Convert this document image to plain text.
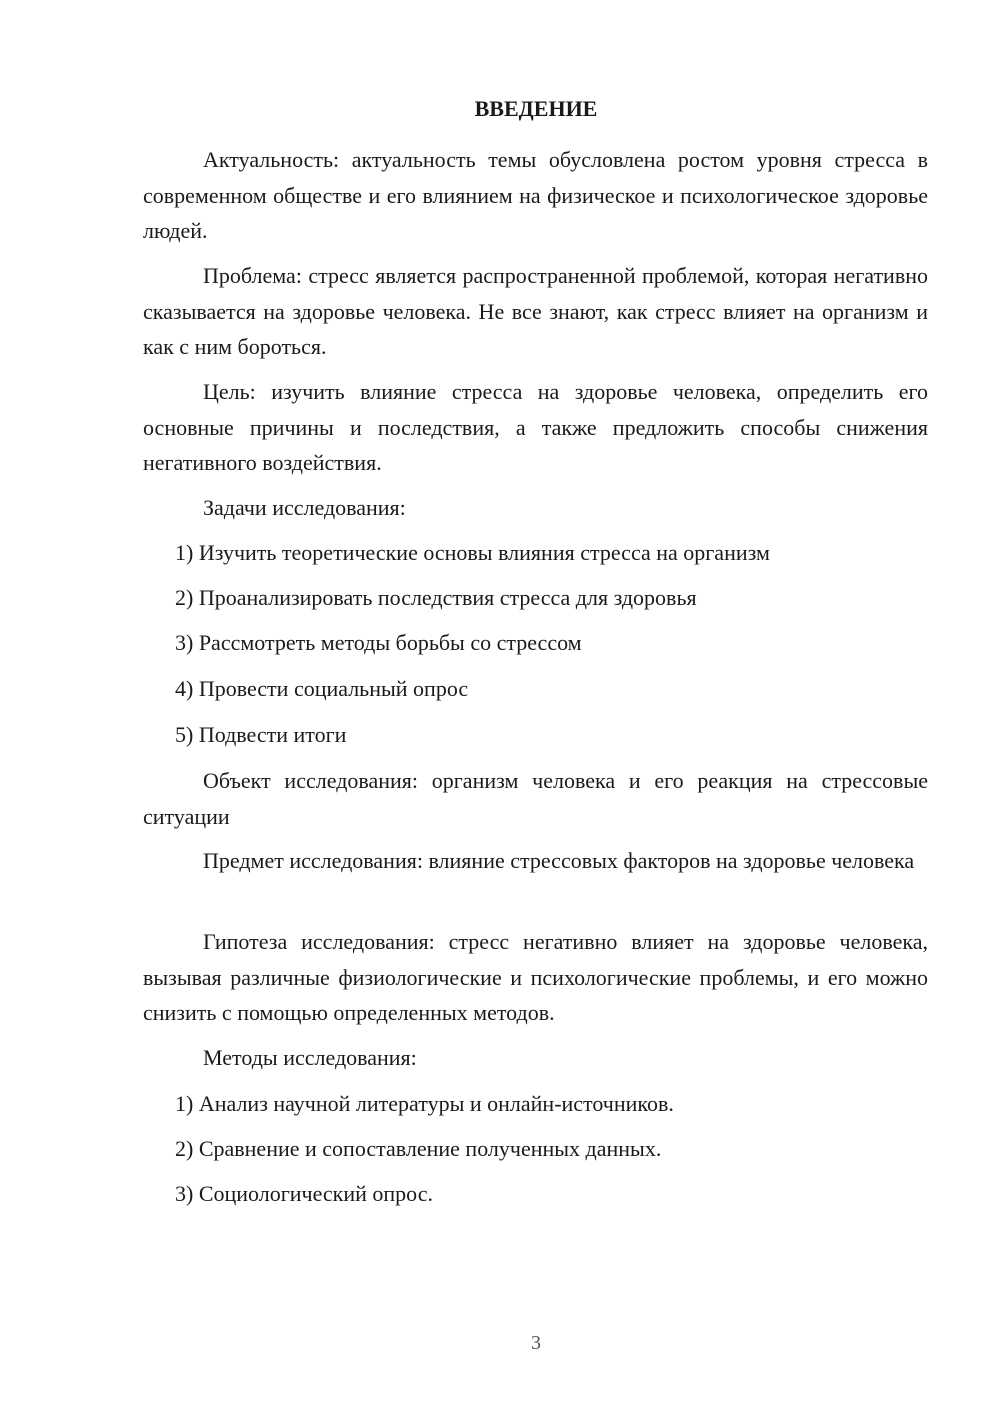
ВВЕДЕНИЕ

Актуальность: актуальность темы обусловлена ростом уровня стресса в современном обществе и его влиянием на физическое и психологическое здоровье людей.

Проблема: стресс является распространенной проблемой, которая негативно сказывается на здоровье человека. Не все знают, как стресс влияет на организм и как с ним бороться.

Цель: изучить влияние стресса на здоровье человека, определить его основные причины и последствия, а также предложить способы снижения негативного воздействия.

Задачи исследования:

1) Изучить теоретические основы влияния стресса на организм

2) Проанализировать последствия стресса для здоровья

3) Рассмотреть методы борьбы со стрессом

4) Провести социальный опрос

5) Подвести итоги

Объект исследования: организм человека и его реакция на стрессовые ситуации

Предмет исследования: влияние стрессовых факторов на здоровье человека

Гипотеза исследования: стресс негативно влияет на здоровье человека, вызывая различные физиологические и психологические проблемы, и его можно снизить с помощью определенных методов.

Методы исследования:

1) Анализ научной литературы и онлайн-источников.

2) Сравнение и сопоставление полученных данных.

3) Социологический опрос.

3
